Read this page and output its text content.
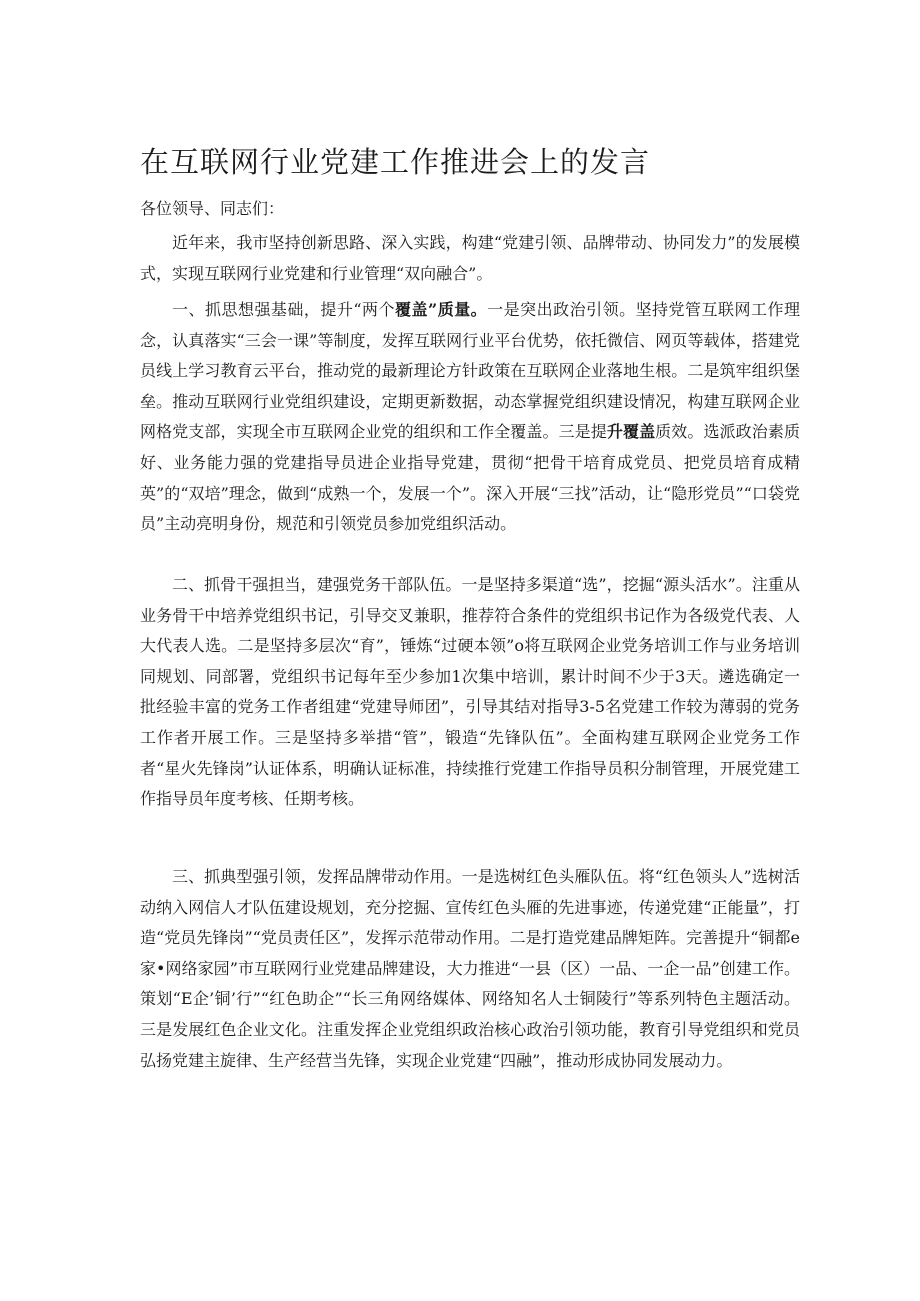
在互联网行业党建工作推进会上的发言

各位领导、同志们：

近年来，我市坚持创新思路、深入实践，构建“党建引领、品牌带动、协同发力”的发展模式，实现互联网行业党建和行业管理“双向融合”。

一、抓思想强基础，提升“两个覆盖”质量。一是突出政治引领。坚持党管互联网工作理念，认真落实“三会一课”等制度，发挥互联网行业平台优势，依托微信、网页等载体，搭建党员线上学习教育云平台，推动党的最新理论方针政策在互联网企业落地生根。二是筑牢组织堡垒。推动互联网行业党组织建设，定期更新数据，动态掌握党组织建设情况，构建互联网企业网格党支部，实现全市互联网企业党的组织和工作全覆盖。三是提升覆盖质效。选派政治素质好、业务能力强的党建指导员进企业指导党建，贯彻“把骨干培育成党员、把党员培育成精英”的“双培”理念，做到“成熟一个，发展一个”。深入开展“三找”活动，让“隐形党员”“口袋党员”主动亮明身份，规范和引领党员参加党组织活动。

二、抓骨干强担当，建强党务干部队伍。一是坚持多渠道“选”，挖掘“源头活水”。注重从业务骨干中培养党组织书记，引导交叉兼职，推荐符合条件的党组织书记作为各级党代表、人大代表人选。二是坚持多层次“育”，锤炼“过硬本领”o将互联网企业党务培训工作与业务培训同规划、同部署，党组织书记每年至少参加1次集中培训，累计时间不少于3天。遴选确定一批经验丰富的党务工作者组建“党建导师团”，引导其结对指导3-5名党建工作较为薄弱的党务工作者开展工作。三是坚持多举措“管”，锻造“先锋队伍”。全面构建互联网企业党务工作者“星火先锋岗”认证体系，明确认证标准，持续推行党建工作指导员积分制管理，开展党建工作指导员年度考核、任期考核。

三、抓典型强引领，发挥品牌带动作用。一是选树红色头雁队伍。将“红色领头人”选树活动纳入网信人才队伍建设规划，充分挖掘、宣传红色头雁的先进事迹，传递党建“正能量”，打造“党员先锋岗”“党员责任区”，发挥示范带动作用。二是打造党建品牌矩阵。完善提升“铜都e家•网络家园”市互联网行业党建品牌建设，大力推进“一县（区）一品、一企一品”创建工作。策划“E企’铜’行”“红色助企”“长三角网络媒体、网络知名人士铜陵行”等系列特色主题活动。三是发展红色企业文化。注重发挥企业党组织政治核心政治引领功能，教育引导党组织和党员弘扬党建主旋律、生产经营当先锋，实现企业党建“四融”，推动形成协同发展动力。
